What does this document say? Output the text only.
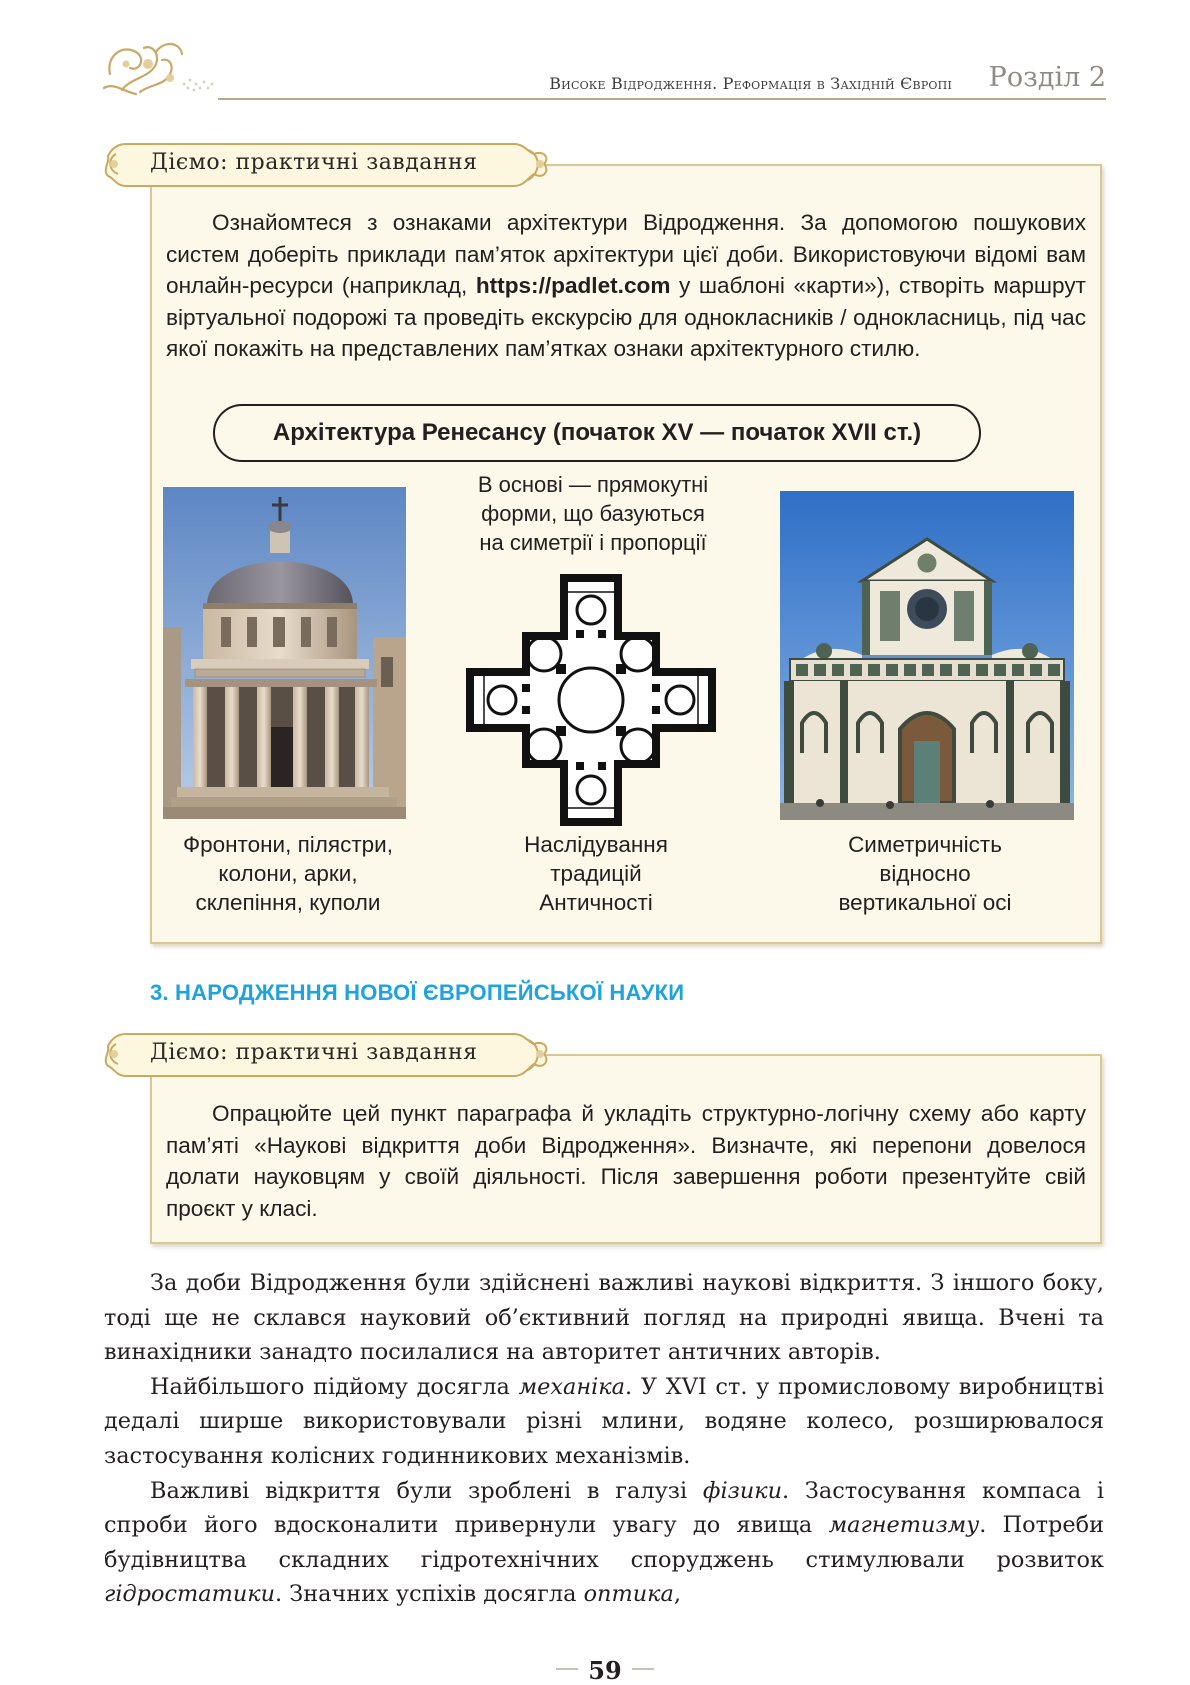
Високе Відродження. Реформація в Західній Європі Розділ 2
Діємо: практичні завдання

Ознайомтеся з ознаками архітектури Відродження. За допомогою пошукових систем доберіть приклади пам’яток архітектури цієї доби. Використовуючи відомі вам онлайн-ресурси (наприклад, https://padlet.com у шаблоні «карти»), створіть маршрут віртуальної подорожі та проведіть екскурсію для однокласників / однокласниць, під час якої покажіть на представлених пам’ятках ознаки архітектурного стилю.

Архітектура Ренесансу (початок XV — початок XVII ст.)
В основі — прямокутні
форми, що базуються
на симетрії і пропорції
Фронтони, пілястри,
колони, арки,
склепіння, куполи
Наслідування
традицій
Античності
Симетричність
відносно
вертикальної осі
3. НАРОДЖЕННЯ НОВОЇ ЄВРОПЕЙСЬКОЇ НАУКИ
Діємо: практичні завдання

Опрацюйте цей пункт параграфа й укладіть структурно-логічну схему або карту пам’яті «Наукові відкриття доби Відродження». Визначте, які перепони довелося долати науковцям у своїй діяльності. Після завершення роботи презентуйте свій проєкт у класі.

За доби Відродження були здійснені важливі наукові відкриття. З іншого боку, тоді ще не склався науковий об’єктивний погляд на природні явища. Вчені та винахідники занадто посилалися на авторитет античних авторів.

Найбільшого підйому досягла механіка. У XVI ст. у промисловому виробництві дедалі ширше використовували різні млини, водяне колесо, розширювалося застосування колісних годинникових механізмів.

Важливі відкриття були зроблені в галузі фізики. Застосування компаса і спроби його вдосконалити привернули увагу до явища магнетизму. Потреби будівництва складних гідротехнічних споруджень стимулювали розвиток гідростатики. Значних успіхів досягла оптика,

59
